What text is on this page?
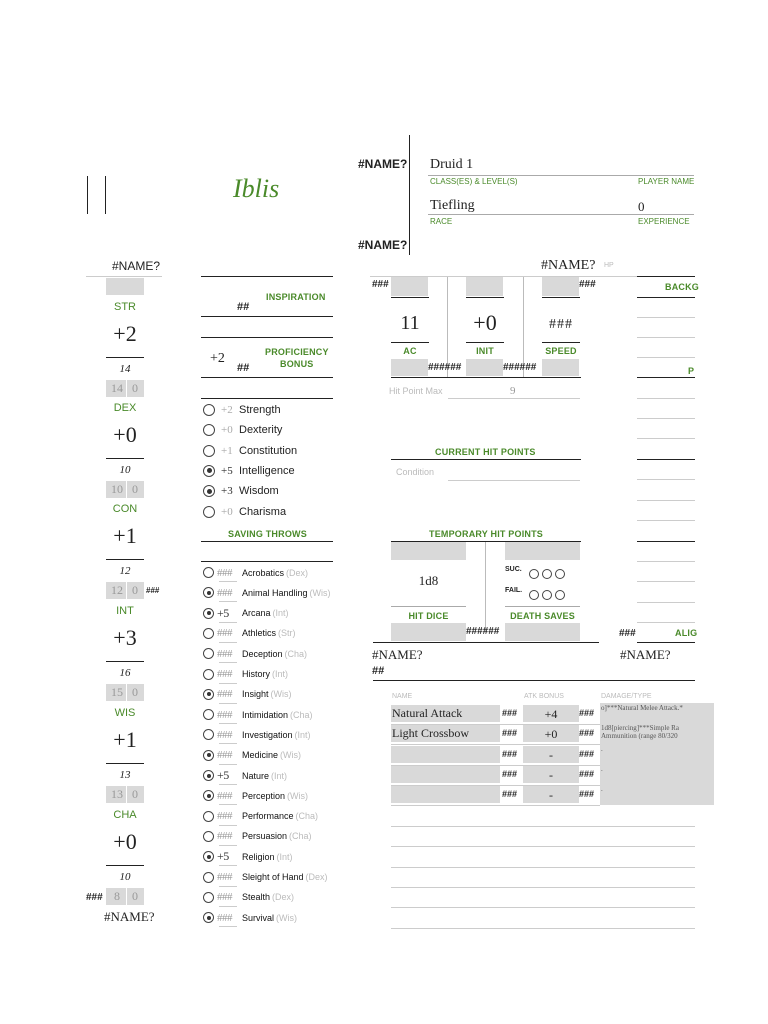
Iblis
#NAME?
#NAME?
Druid 1
CLASS(ES) & LEVEL(S)	PLAYER NAME
Tiefling	0
RACE	EXPERIENCE
#NAME?
STR
+2
14
14 0
DEX
+0
10
10 0
CON
+1
12
12 0
INT
+3
16
15 0
WIS
+1
13
13 0
CHA
+0
10
8	0
###
#NAME?
###
INSPIRATION
##
+2	PROFICIENCY
BONUS
##
+2 Strength
+0 Dexterity
+1 Constitution
+5 Intelligence
+3 Wisdom
+0 Charisma
SAVING THROWS
###	Acrobatics (Dex)
###	Animal Handling (Wis)
+5	Arcana (Int)
###	Athletics (Str)
###	Deception (Cha)
###	History (Int)
###	Insight (Wis)
###	Intimidation (Cha)
###	Investigation (Int)
###	Medicine (Wis)
+5	Nature (Int)
###	Perception (Wis)
###	Performance (Cha)
###	Persuasion (Cha)
+5	Religion (Int)
###	Sleight of Hand (Dex)
###	Stealth (Dex)
###	Survival (Wis)
#NAME? HP
###	###
11	+0	###
AC	INIT	SPEED
######	######
Hit Point Max	9
CURRENT HIT POINTS
Condition
TEMPORARY HIT POINTS
1d8
SUC.
FAIL.
HIT DICE	DEATH SAVES
######
#NAME?
##
NAME	ATK BONUS	DAMAGE/TYPE
Natural Attack	###	+4	### o]***Natural Melee Attack.*
Light Crossbow	###	+0	### 1d8[piercing]***Simple Ra Ammunition (range 80/320
###	-	### .
###	-	### .
###	-	### .
BACKG
P
###	ALIG
#NAME?
